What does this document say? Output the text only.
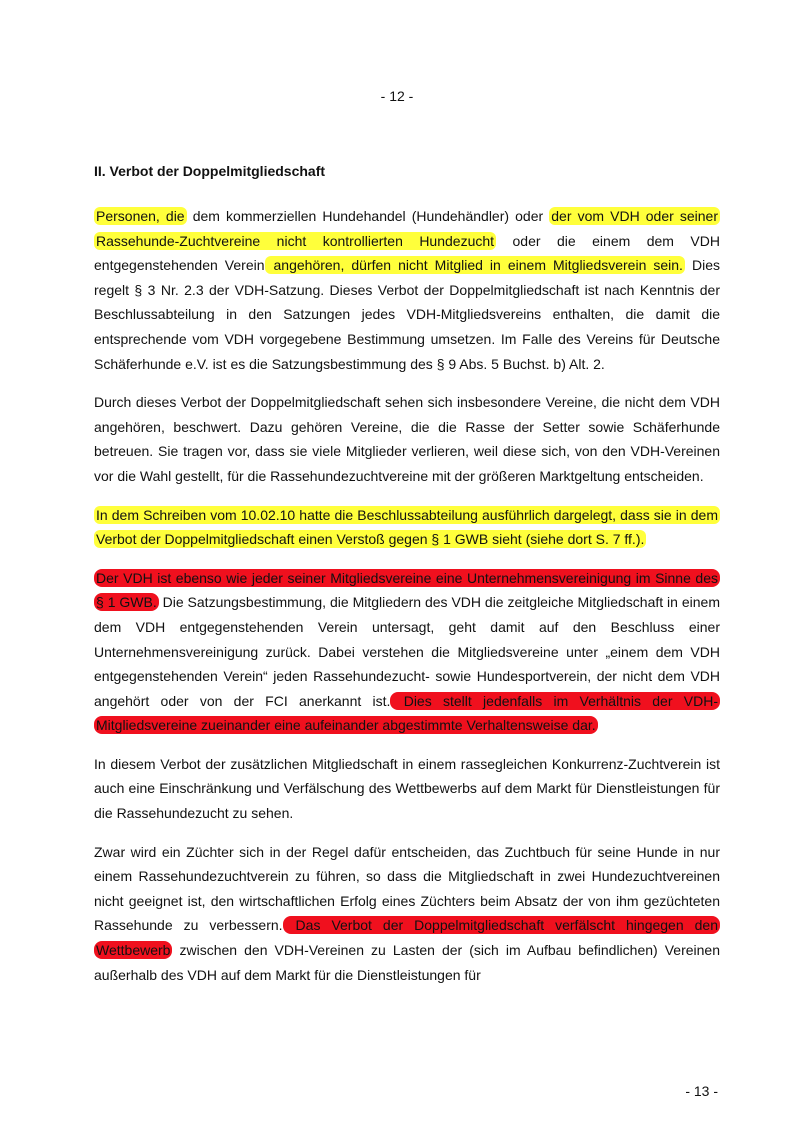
- 12 -
II. Verbot der Doppelmitgliedschaft

Personen, die dem kommerziellen Hundehandel (Hundehändler) oder der vom VDH oder seiner Rassehunde-Zuchtvereine nicht kontrollierten Hundezucht oder die einem dem VDH entgegenstehenden Verein angehören, dürfen nicht Mitglied in einem Mitgliedsverein sein. Dies regelt § 3 Nr. 2.3 der VDH-Satzung. Dieses Verbot der Doppelmitgliedschaft ist nach Kenntnis der Beschlussabteilung in den Satzungen jedes VDH-Mitgliedsvereins enthalten, die damit die entsprechende vom VDH vorgegebene Bestimmung umsetzen. Im Falle des Vereins für Deutsche Schäferhunde e.V. ist es die Satzungsbestimmung des § 9 Abs. 5 Buchst. b) Alt. 2.

Durch dieses Verbot der Doppelmitgliedschaft sehen sich insbesondere Vereine, die nicht dem VDH angehören, beschwert. Dazu gehören Vereine, die die Rasse der Setter sowie Schäferhunde betreuen. Sie tragen vor, dass sie viele Mitglieder verlieren, weil diese sich, von den VDH-Vereinen vor die Wahl gestellt, für die Rassehundezuchtvereine mit der größeren Marktgeltung entscheiden.

In dem Schreiben vom 10.02.10 hatte die Beschlussabteilung ausführlich dargelegt, dass sie in dem Verbot der Doppelmitgliedschaft einen Verstoß gegen § 1 GWB sieht (siehe dort S. 7 ff.).

Der VDH ist ebenso wie jeder seiner Mitgliedsvereine eine Unternehmensvereinigung im Sinne des § 1 GWB. Die Satzungsbestimmung, die Mitgliedern des VDH die zeitgleiche Mitgliedschaft in einem dem VDH entgegenstehenden Verein untersagt, geht damit auf den Beschluss einer Unternehmensvereinigung zurück. Dabei verstehen die Mitgliedsvereine unter „einem dem VDH entgegenstehenden Verein“ jeden Rassehundezucht- sowie Hundesportverein, der nicht dem VDH angehört oder von der FCI anerkannt ist. Dies stellt jedenfalls im Verhältnis der VDH-Mitgliedsvereine zueinander eine aufeinander abgestimmte Verhaltensweise dar.

In diesem Verbot der zusätzlichen Mitgliedschaft in einem rassegleichen Konkurrenz-Zuchtverein ist auch eine Einschränkung und Verfälschung des Wettbewerbs auf dem Markt für Dienstleistungen für die Rassehundezucht zu sehen.

Zwar wird ein Züchter sich in der Regel dafür entscheiden, das Zuchtbuch für seine Hunde in nur einem Rassehundezuchtverein zu führen, so dass die Mitgliedschaft in zwei Hundezuchtvereinen nicht geeignet ist, den wirtschaftlichen Erfolg eines Züchters beim Absatz der von ihm gezüchteten Rassehunde zu verbessern. Das Verbot der Doppelmitgliedschaft verfälscht hingegen den Wettbewerb zwischen den VDH-Vereinen zu Lasten der (sich im Aufbau befindlichen) Vereinen außerhalb des VDH auf dem Markt für die Dienstleistungen für

- 13 -
